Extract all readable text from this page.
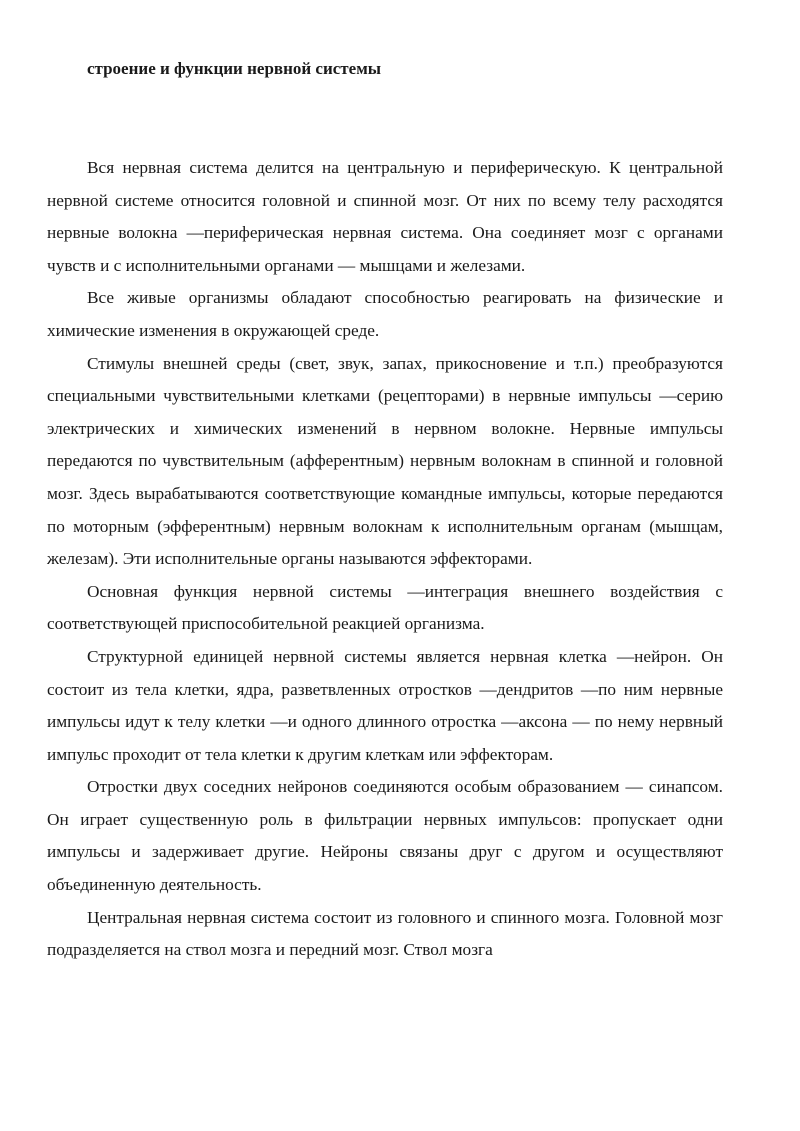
строение и функции нервной системы

Вся нервная система делится на центральную и периферическую. К центральной нервной системе относится головной и спинной мозг. От них по всему телу расходятся нервные волокна —периферическая нервная система. Она соединяет мозг с органами чувств и с исполнительными органами — мышцами и железами.

Все живые организмы обладают способностью реагировать на физические и химические изменения в окружающей среде.

Стимулы внешней среды (свет, звук, запах, прикосновение и т.п.) преобразуются специальными чувствительными клетками (рецепторами) в нервные импульсы —серию электрических и химических изменений в нервном волокне. Нервные импульсы передаются по чувствительным (афферентным) нервным волокнам в спинной и головной мозг. Здесь вырабатываются соответствующие командные импульсы, которые передаются по моторным (эфферентным) нервным волокнам к исполнительным органам (мышцам, железам). Эти исполнительные органы называются эффекторами.

Основная функция нервной системы —интеграция внешнего воздействия с соответствующей приспособительной реакцией организма.

Структурной единицей нервной системы является нервная клетка —нейрон. Он состоит из тела клетки, ядра, разветвленных отростков —дендритов —по ним нервные импульсы идут к телу клетки —и одного длинного отростка —аксона — по нему нервный импульс проходит от тела клетки к другим клеткам или эффекторам.

Отростки двух соседних нейронов соединяются особым образованием — синапсом. Он играет существенную роль в фильтрации нервных импульсов: пропускает одни импульсы и задерживает другие. Нейроны связаны друг с другом и осуществляют объединенную деятельность.

Центральная нервная система состоит из головного и спинного мозга. Головной мозг подразделяется на ствол мозга и передний мозг. Ствол мозга
